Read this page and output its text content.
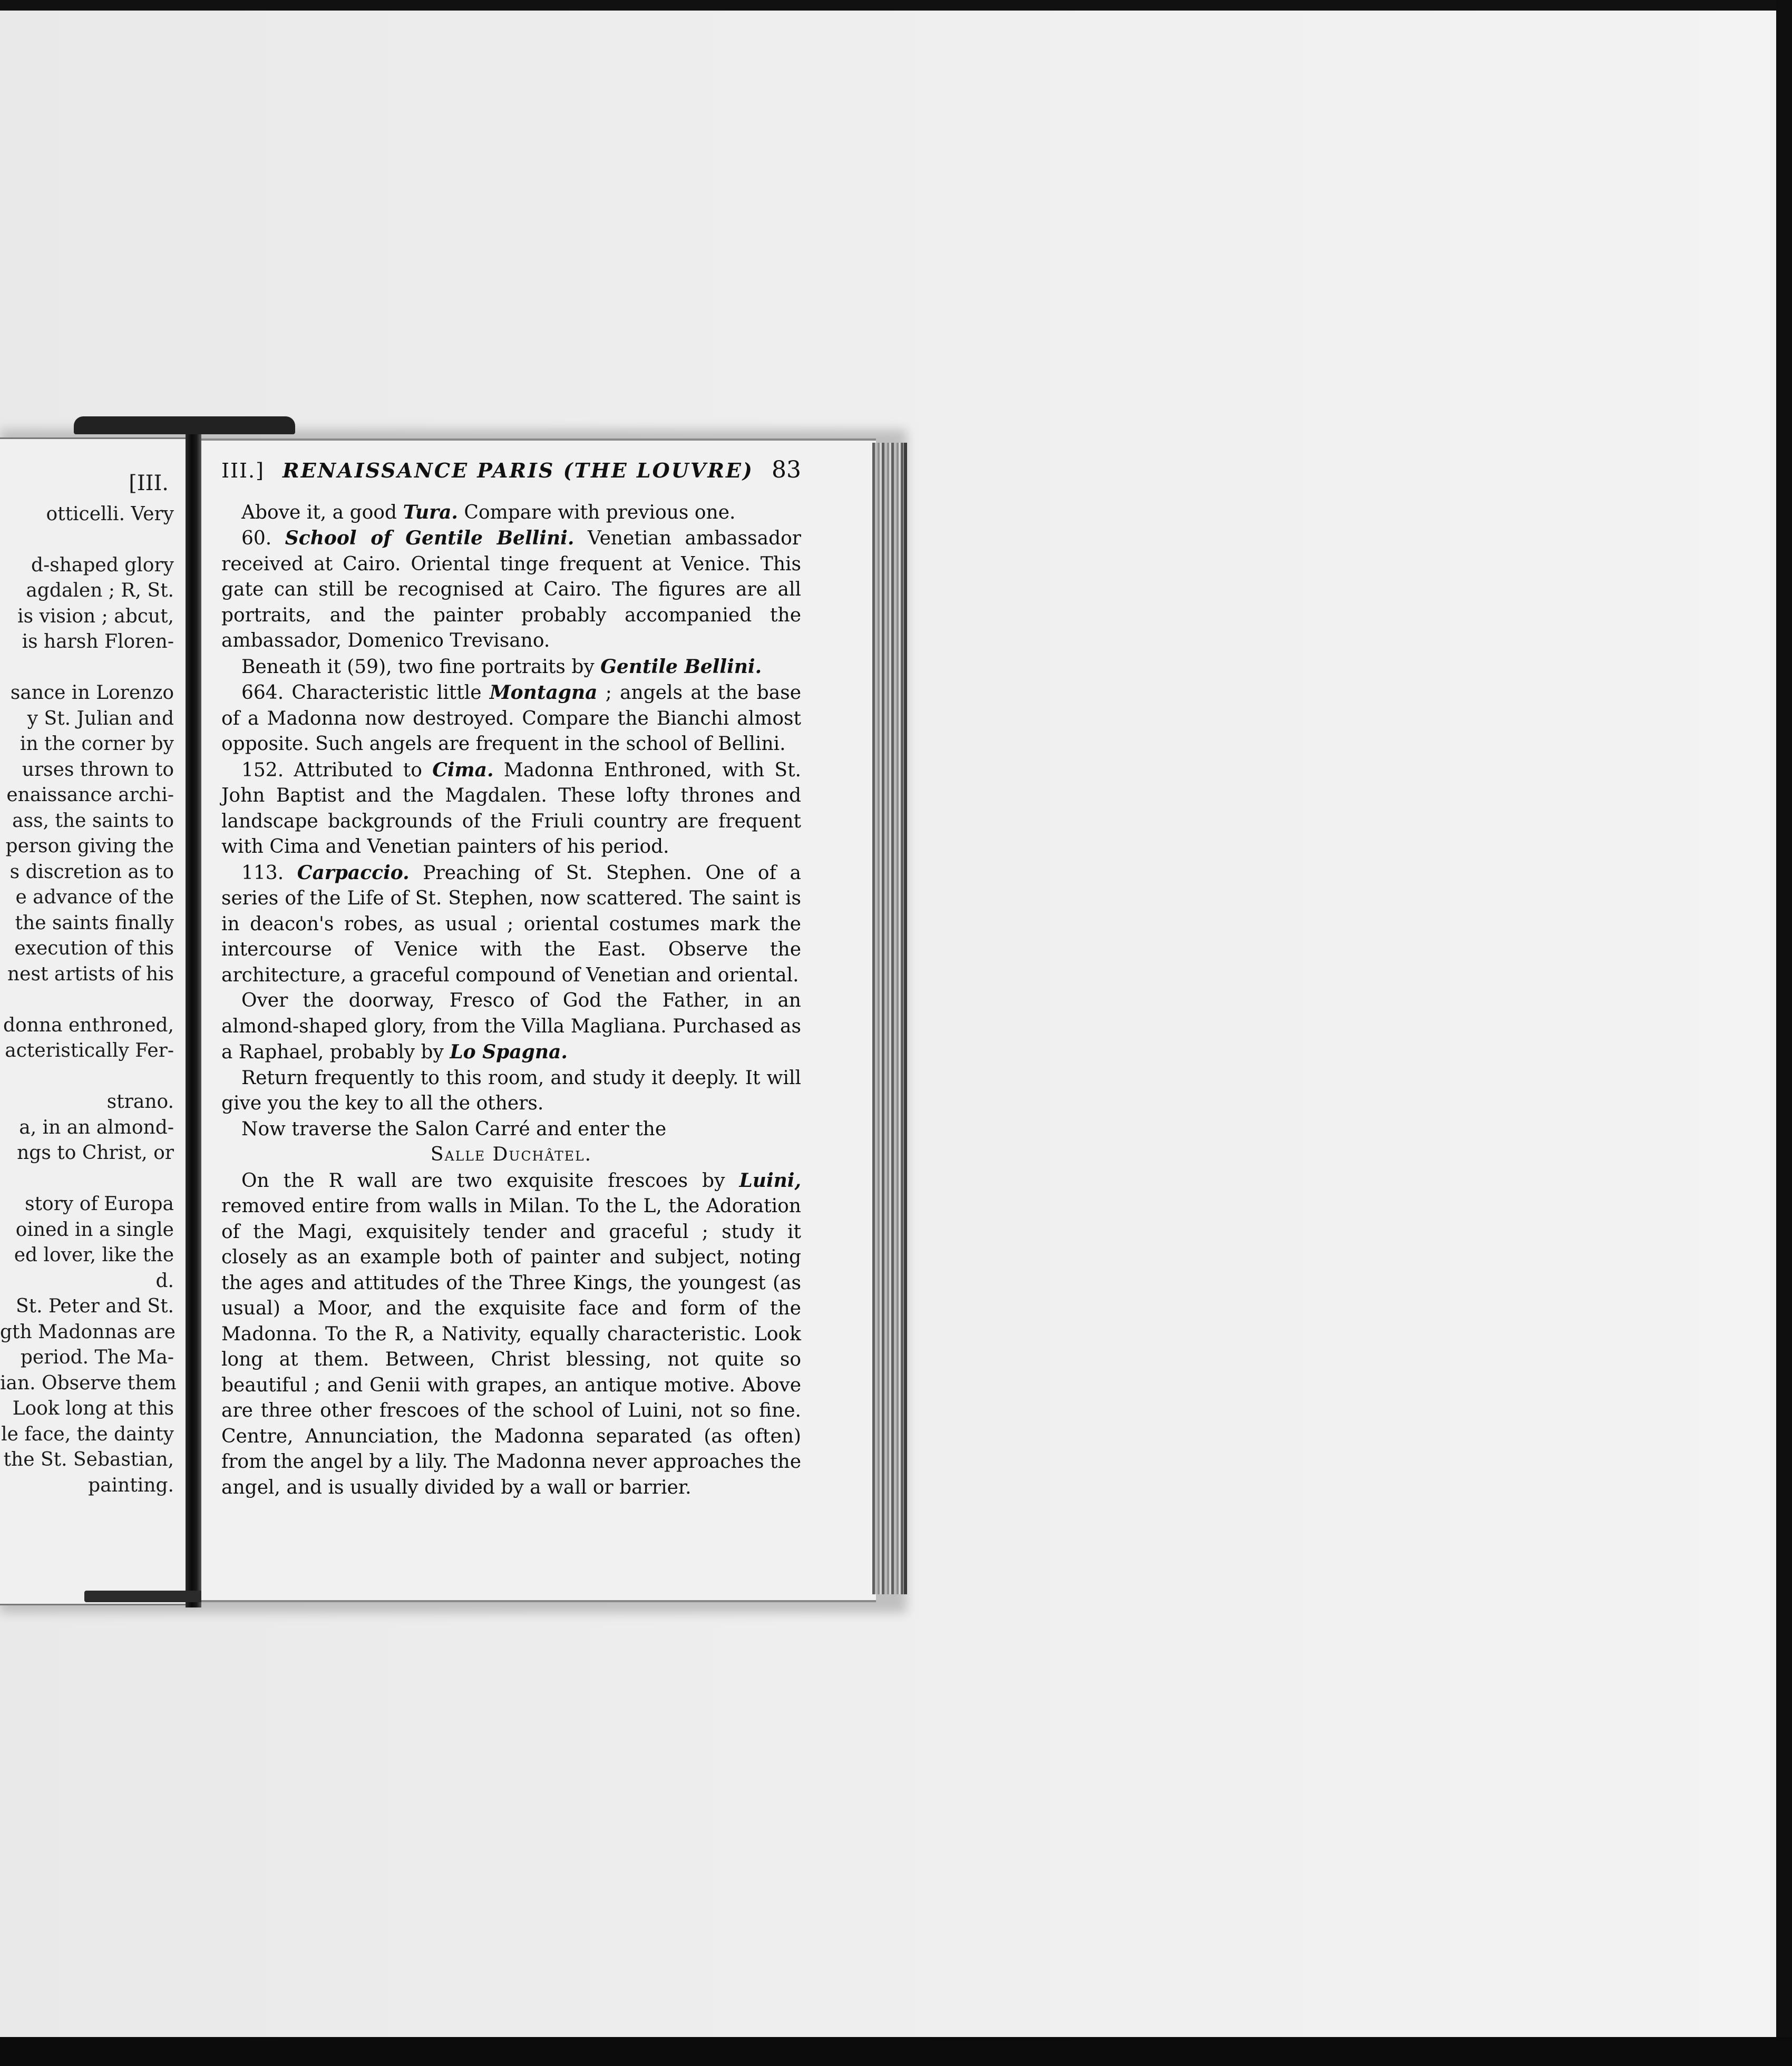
[III.
otticelli. Very
d-shaped glory
agdalen ; R, St.
is vision ; abcut,
is harsh Floren-
sance in Lorenzo
y St. Julian and
in the corner by
urses thrown to
enaissance archi-
ass, the saints to
person giving the
s discretion as to
e advance of the
the saints finally
execution of this
nest artists of his
donna enthroned,
acteristically Fer-
strano.
a, in an almond-
ngs to Christ, or
story of Europa
oined in a single
ed lover, like the
d.
St. Peter and St.
gth Madonnas are
period. The Ma-
ian. Observe them
Look long at this
le face, the dainty
the St. Sebastian,
painting.
III.] RENAISSANCE PARIS (THE LOUVRE) 83

Above it, a good Tura. Compare with previous one.

60. School of Gentile Bellini. Venetian ambassador received at Cairo. Oriental tinge frequent at Venice. This gate can still be recognised at Cairo. The figures are all portraits, and the painter probably accompanied the ambassador, Domenico Trevisano.

Beneath it (59), two fine portraits by Gentile Bellini.

664. Characteristic little Montagna ; angels at the base of a Madonna now destroyed. Compare the Bianchi almost opposite. Such angels are frequent in the school of Bellini.

152. Attributed to Cima. Madonna Enthroned, with St. John Baptist and the Magdalen. These lofty thrones and landscape backgrounds of the Friuli country are frequent with Cima and Venetian painters of his period.

113. Carpaccio. Preaching of St. Stephen. One of a series of the Life of St. Stephen, now scattered. The saint is in deacon's robes, as usual ; oriental costumes mark the intercourse of Venice with the East. Observe the architecture, a graceful compound of Venetian and oriental.

Over the doorway, Fresco of God the Father, in an almond-shaped glory, from the Villa Magliana. Purchased as a Raphael, probably by Lo Spagna.

Return frequently to this room, and study it deeply. It will give you the key to all the others.

Now traverse the Salon Carré and enter the

Salle Duchâtel.

On the R wall are two exquisite frescoes by Luini, removed entire from walls in Milan. To the L, the Adoration of the Magi, exquisitely tender and graceful ; study it closely as an example both of painter and subject, noting the ages and attitudes of the Three Kings, the youngest (as usual) a Moor, and the exquisite face and form of the Madonna. To the R, a Nativity, equally characteristic. Look long at them. Between, Christ blessing, not quite so beautiful ; and Genii with grapes, an antique motive. Above are three other frescoes of the school of Luini, not so fine. Centre, Annunciation, the Madonna separated (as often) from the angel by a lily. The Madonna never approaches the angel, and is usually divided by a wall or barrier.
